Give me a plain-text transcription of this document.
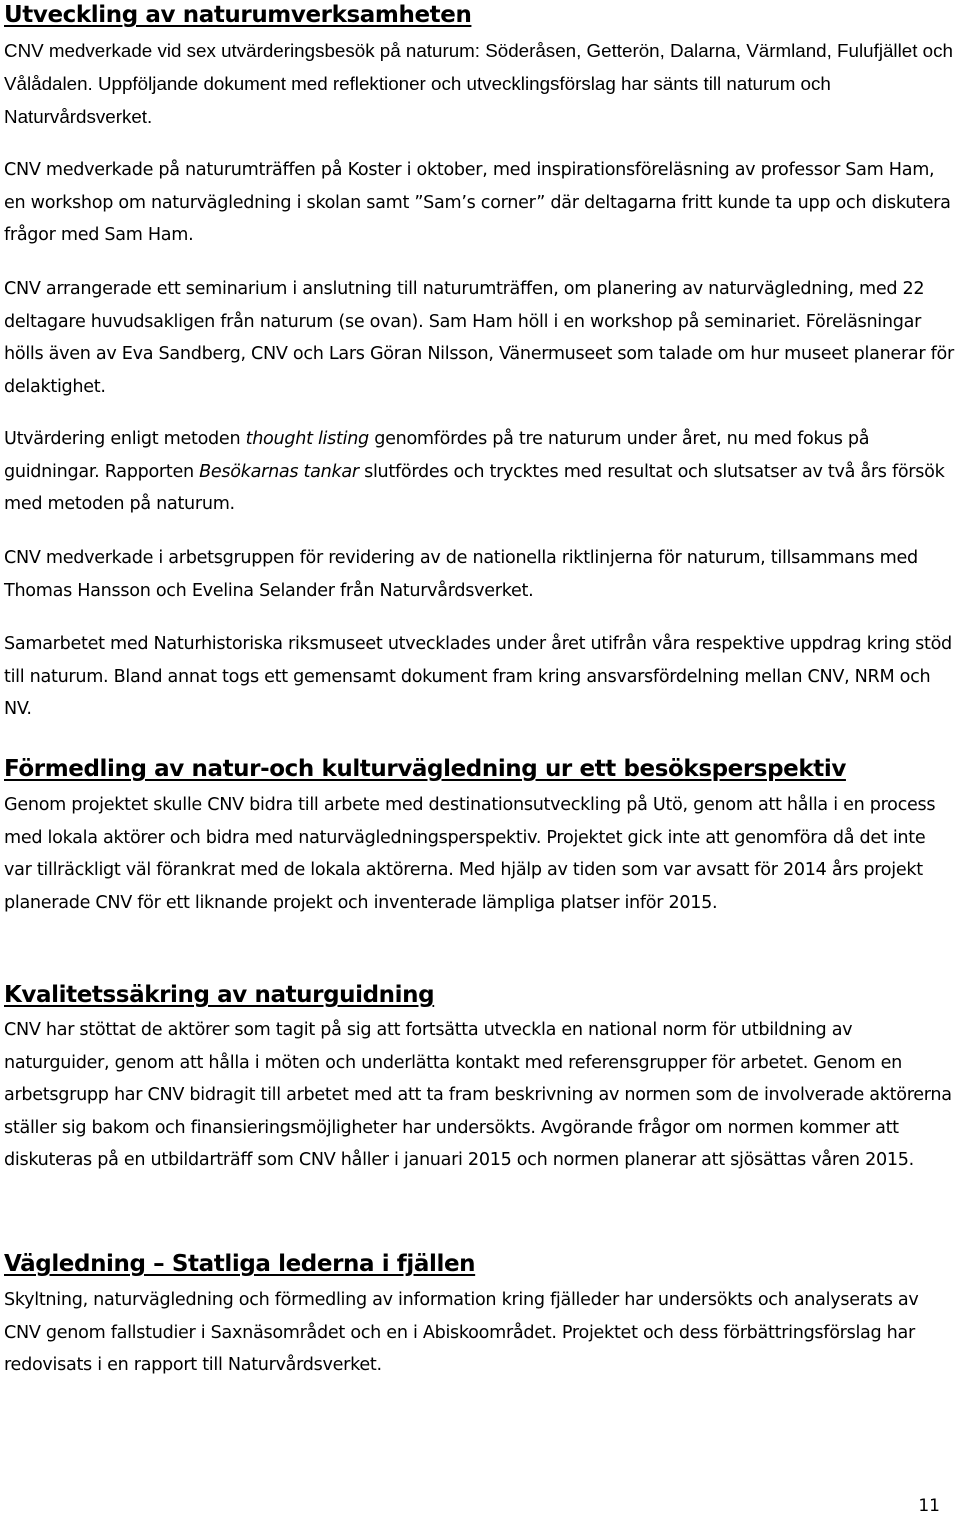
Utveckling av naturumverksamheten

CNV medverkade vid sex utvärderingsbesök på naturum: Söderåsen, Getterön, Dalarna, Värmland, Fulufjället och Vålådalen. Uppföljande dokument med reflektioner och utvecklingsförslag har sänts till naturum och Naturvårdsverket.

CNV medverkade på naturumträffen på Koster i oktober, med inspirationsföreläsning av professor Sam Ham, en workshop om naturvägledning i skolan samt ”Sam’s corner” där deltagarna fritt kunde ta upp och diskutera frågor med Sam Ham.

CNV arrangerade ett seminarium i anslutning till naturumträffen, om planering av naturvägledning, med 22 deltagare huvudsakligen från naturum (se ovan). Sam Ham höll i en workshop på seminariet. Föreläsningar hölls även av Eva Sandberg, CNV och Lars Göran Nilsson, Vänermuseet som talade om hur museet planerar för delaktighet.

Utvärdering enligt metoden thought listing genomfördes på tre naturum under året, nu med fokus på guidningar. Rapporten Besökarnas tankar slutfördes och trycktes med resultat och slutsatser av två års försök med metoden på naturum.

CNV medverkade i arbetsgruppen för revidering av de nationella riktlinjerna för naturum, tillsammans med Thomas Hansson och Evelina Selander från Naturvårdsverket.

Samarbetet med Naturhistoriska riksmuseet utvecklades under året utifrån våra respektive uppdrag kring stöd till naturum. Bland annat togs ett gemensamt dokument fram kring ansvarsfördelning mellan CNV, NRM och NV.

Förmedling av natur-och kulturvägledning ur ett besöksperspektiv

Genom projektet skulle CNV bidra till arbete med destinationsutveckling på Utö, genom att hålla i en process med lokala aktörer och bidra med naturvägledningsperspektiv. Projektet gick inte att genomföra då det inte var tillräckligt väl förankrat med de lokala aktörerna. Med hjälp av tiden som var avsatt för 2014 års projekt planerade CNV för ett liknande projekt och inventerade lämpliga platser inför 2015.

Kvalitetssäkring av naturguidning

CNV har stöttat de aktörer som tagit på sig att fortsätta utveckla en national norm för utbildning av naturguider, genom att hålla i möten och underlätta kontakt med referensgrupper för arbetet. Genom en arbetsgrupp har CNV bidragit till arbetet med att ta fram beskrivning av normen som de involverade aktörerna ställer sig bakom och finansieringsmöjligheter har undersökts. Avgörande frågor om normen kommer att diskuteras på en utbildarträff som CNV håller i januari 2015 och normen planerar att sjösättas våren 2015.

Vägledning – Statliga lederna i fjällen

Skyltning, naturvägledning och förmedling av information kring fjälleder har undersökts och analyserats av CNV genom fallstudier i Saxnäsområdet och en i Abiskoområdet. Projektet och dess förbättringsförslag har redovisats i en rapport till Naturvårdsverket.

11
